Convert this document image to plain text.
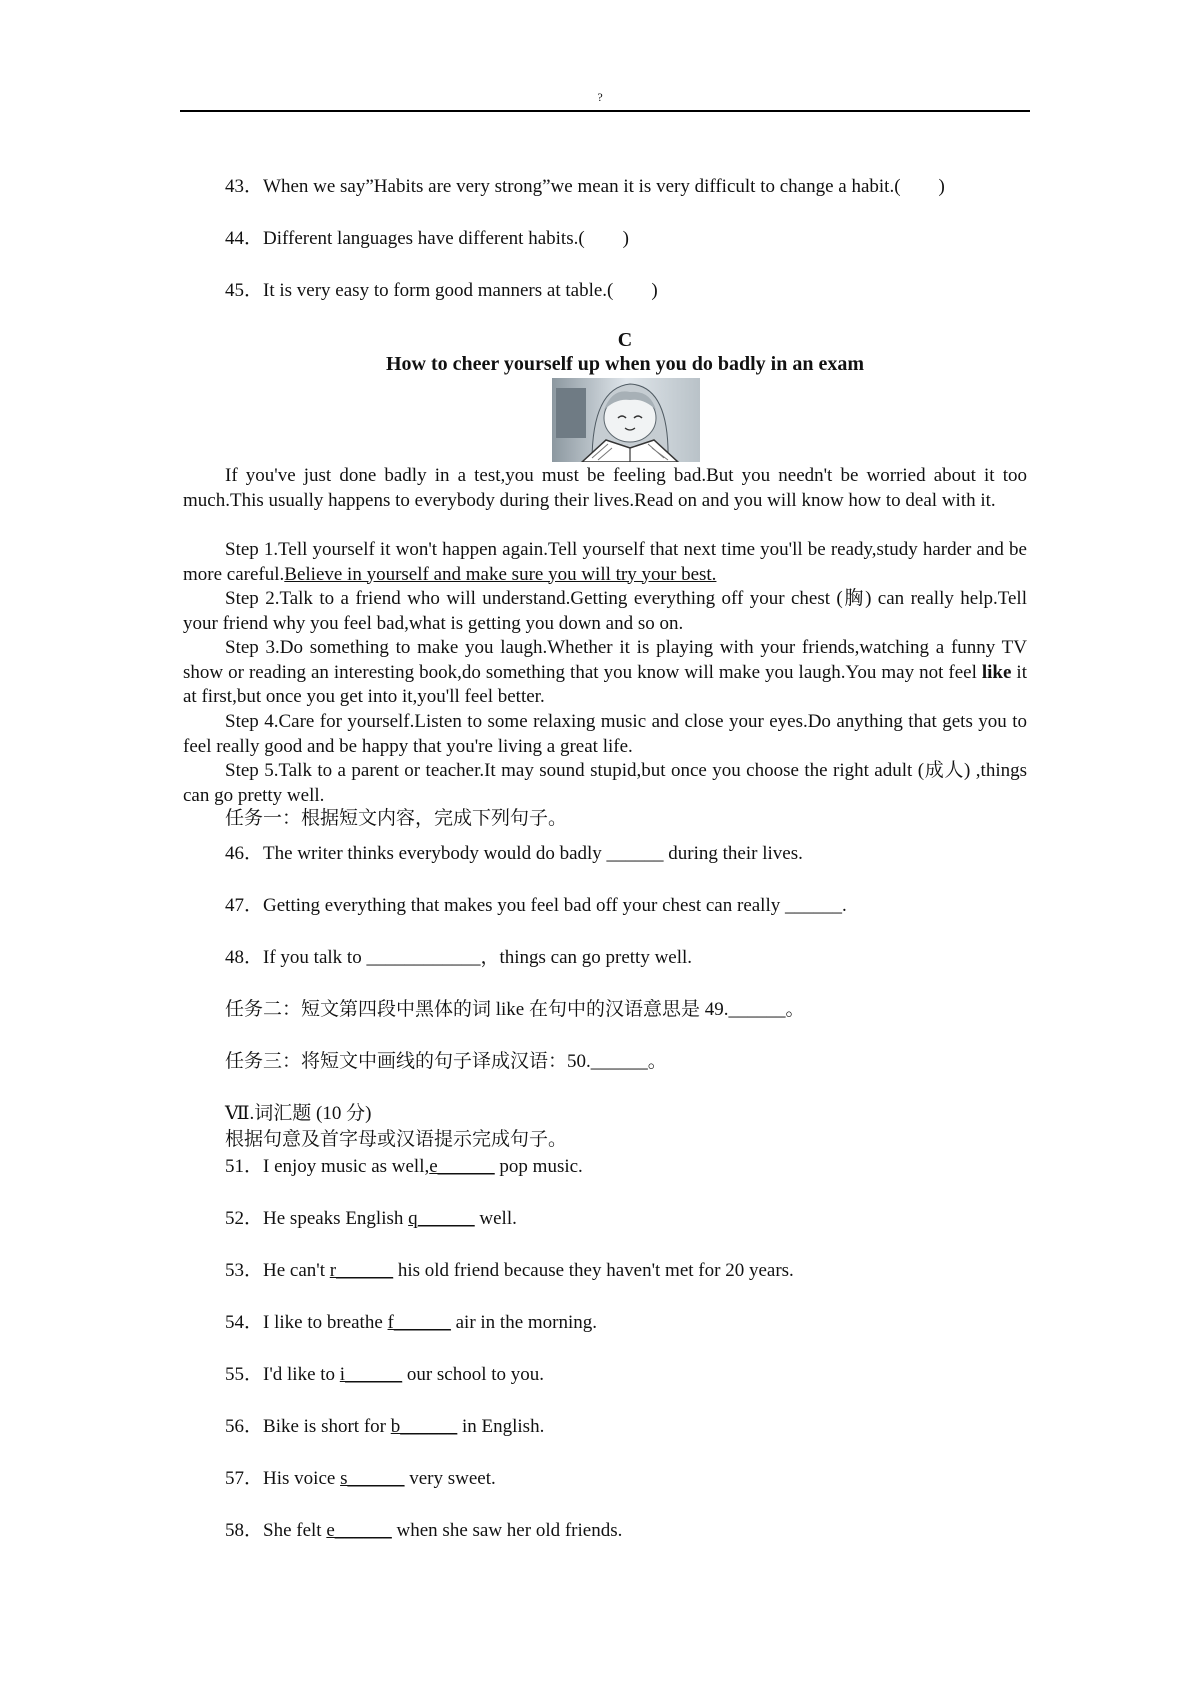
?
43．When we say”Habits are very strong”we mean it is very difficult to change a habit.( )
44．Different languages have different habits.( )
45．It is very easy to form good manners at table.( )
C
How to cheer yourself up when you do badly in an exam
If you've just done badly in a test,you must be feeling bad.But you needn't be worried about it too much.This usually happens to everybody during their lives.Read on and you will know how to deal with it.
Step 1.Tell yourself it won't happen again.Tell yourself that next time you'll be ready,study harder and be more careful.Believe in yourself and make sure you will try your best.
Step 2.Talk to a friend who will understand.Getting everything off your chest (胸) can really help.Tell your friend why you feel bad,what is getting you down and so on.
Step 3.Do something to make you laugh.Whether it is playing with your friends,watching a funny TV show or reading an interesting book,do something that you know will make you laugh.You may not feel like it at first,but once you get into it,you'll feel better.
Step 4.Care for yourself.Listen to some relaxing music and close your eyes.Do anything that gets you to feel really good and be happy that you're living a great life.
Step 5.Talk to a parent or teacher.It may sound stupid,but once you choose the right adult (成人) ,things can go pretty well.
任务一：根据短文内容，完成下列句子。
46．The writer thinks everybody would do badly ______ during their lives.
47．Getting everything that makes you feel bad off your chest can really ______.
48．If you talk to ____________，things can go pretty well.
任务二：短文第四段中黑体的词 like 在句中的汉语意思是 49.______。
任务三：将短文中画线的句子译成汉语：50.______。
Ⅶ.词汇题 (10 分)
根据句意及首字母或汉语提示完成句子。
51．I enjoy music as well,e______ pop music.
52．He speaks English q______ well.
53．He can't r______ his old friend because they haven't met for 20 years.
54．I like to breathe f______ air in the morning.
55．I'd like to i______ our school to you.
56．Bike is short for b______ in English.
57．His voice s______ very sweet.
58．She felt e______ when she saw her old friends.
